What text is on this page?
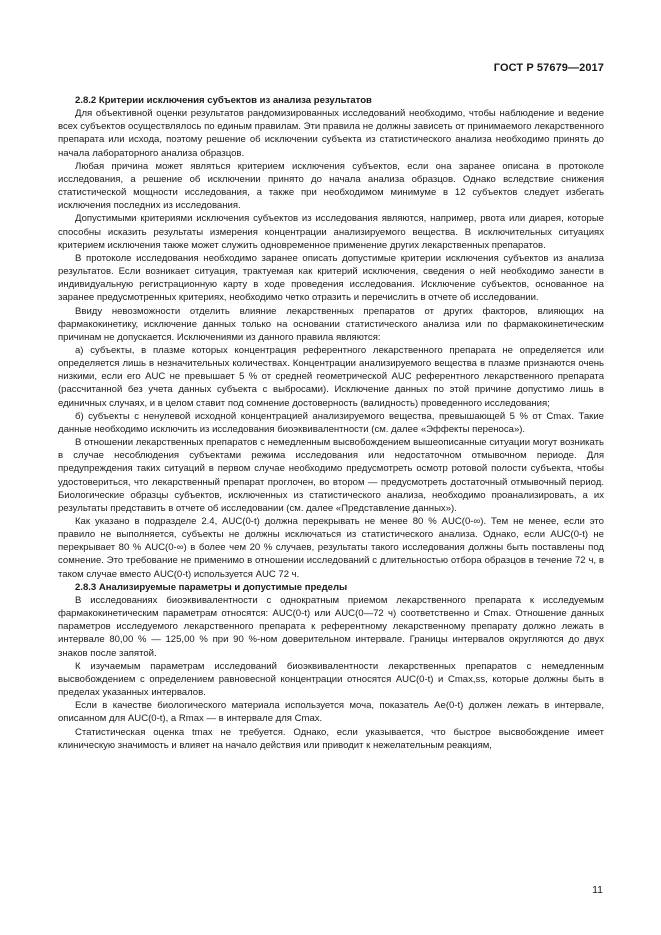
ГОСТ Р 57679—2017

2.8.2 Критерии исключения субъектов из анализа результатов

Для объективной оценки результатов рандомизированных исследований необходимо, чтобы наблюдение и ведение всех субъектов осуществлялось по единым правилам. Эти правила не должны зависеть от принимаемого лекарственного препарата или исхода, поэтому решение об исключении субъекта из статистического анализа необходимо принять до начала лабораторного анализа образцов.

Любая причина может являться критерием исключения субъектов, если она заранее описана в протоколе исследования, а решение об исключении принято до начала анализа образцов. Однако вследствие снижения статистической мощности исследования, а также при необходимом минимуме в 12 субъектов следует избегать исключения последних из исследования.

Допустимыми критериями исключения субъектов из исследования являются, например, рвота или диарея, которые способны исказить результаты измерения концентрации анализируемого вещества. В исключительных ситуациях критерием исключения также может служить одновременное применение других лекарственных препаратов.

В протоколе исследования необходимо заранее описать допустимые критерии исключения субъектов из анализа результатов. Если возникает ситуация, трактуемая как критерий исключения, сведения о ней необходимо занести в индивидуальную регистрационную карту в ходе проведения исследования. Исключение субъектов, основанное на заранее предусмотренных критериях, необходимо четко отразить и перечислить в отчете об исследовании.

Ввиду невозможности отделить влияние лекарственных препаратов от других факторов, влияющих на фармакокинетику, исключение данных только на основании статистического анализа или по фармакокинетическим причинам не допускается. Исключениями из данного правила являются:

а) субъекты, в плазме которых концентрация референтного лекарственного препарата не определяется или определяется лишь в незначительных количествах. Концентрации анализируемого вещества в плазме признаются очень низкими, если его AUC не превышает 5 % от средней геометрической AUC референтного лекарственного препарата (рассчитанной без учета данных субъекта с выбросами). Исключение данных по этой причине допустимо лишь в единичных случаях, и в целом ставит под сомнение достоверность (валидность) проведенного исследования;

б) субъекты с ненулевой исходной концентрацией анализируемого вещества, превышающей 5 % от Cmax. Такие данные необходимо исключить из исследования биоэквивалентности (см. далее «Эффекты переноса»).

В отношении лекарственных препаратов с немедленным высвобождением вышеописанные ситуации могут возникать в случае несоблюдения субъектами режима исследования или недостаточном отмывочном периоде. Для предупреждения таких ситуаций в первом случае необходимо предусмотреть осмотр ротовой полости субъекта, чтобы удостовериться, что лекарственный препарат проглочен, во втором — предусмотреть достаточный отмывочный период. Биологические образцы субъектов, исключенных из статистического анализа, необходимо проанализировать, а их результаты представить в отчете об исследовании (см. далее «Представление данных»).

Как указано в подразделе 2.4, AUC(0-t) должна перекрывать не менее 80 % AUC(0-∞). Тем не менее, если это правило не выполняется, субъекты не должны исключаться из статистического анализа. Однако, если AUC(0-t) не перекрывает 80 % AUC(0-∞) в более чем 20 % случаев, результаты такого исследования должны быть поставлены под сомнение. Это требование не применимо в отношении исследований с длительностью отбора образцов в течение 72 ч, в таком случае вместо AUC(0-t) используется AUC 72 ч.

2.8.3 Анализируемые параметры и допустимые пределы

В исследованиях биоэквивалентности с однократным приемом лекарственного препарата к исследуемым фармакокинетическим параметрам относятся: AUC(0-t) или AUC(0—72 ч) соответственно и Cmax. Отношение данных параметров исследуемого лекарственного препарата к референтному лекарственному препарату должно лежать в интервале 80,00 % — 125,00 % при 90 %-ном доверительном интервале. Границы интервалов округляются до двух знаков после запятой.

К изучаемым параметрам исследований биоэквивалентности лекарственных препаратов с немедленным высвобождением с определением равновесной концентрации относятся AUC(0-t) и Cmax,ss, которые должны быть в пределах указанных интервалов.

Если в качестве биологического материала используется моча, показатель Ae(0-t) должен лежать в интервале, описанном для AUC(0-t), а Rmax — в интервале для Cmax.

Статистическая оценка tmax не требуется. Однако, если указывается, что быстрое высвобождение имеет клиническую значимость и влияет на начало действия или приводит к нежелательным реакциям,

11
